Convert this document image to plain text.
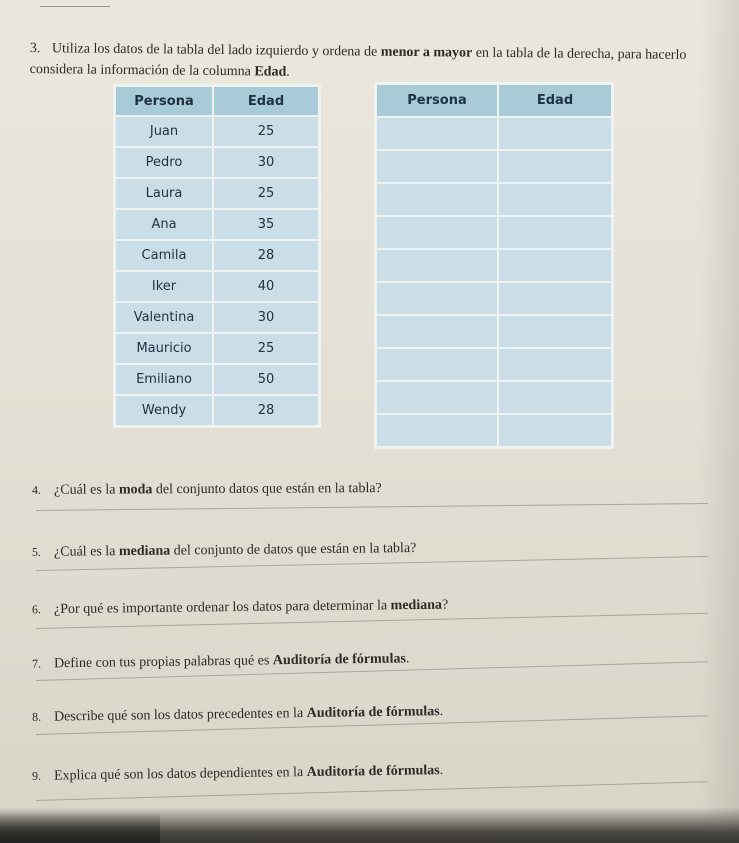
3. Utiliza los datos de la tabla del lado izquierdo y ordena de menor a mayor en la tabla de la derecha, para hacerlo
considera la información de la columna Edad.
Persona	Edad
Juan	25
Pedro	30
Laura	25
Ana	35
Camila	28
Iker	40
Valentina	30
Mauricio	25
Emiliano	50
Wendy	28
Persona	Edad

4. ¿Cuál es la moda del conjunto datos que están en la tabla?
5. ¿Cuál es la mediana del conjunto de datos que están en la tabla?
6. ¿Por qué es importante ordenar los datos para determinar la mediana?
7. Define con tus propias palabras qué es Auditoría de fórmulas.
8. Describe qué son los datos precedentes en la Auditoría de fórmulas.
9. Explica qué son los datos dependientes en la Auditoría de fórmulas.
